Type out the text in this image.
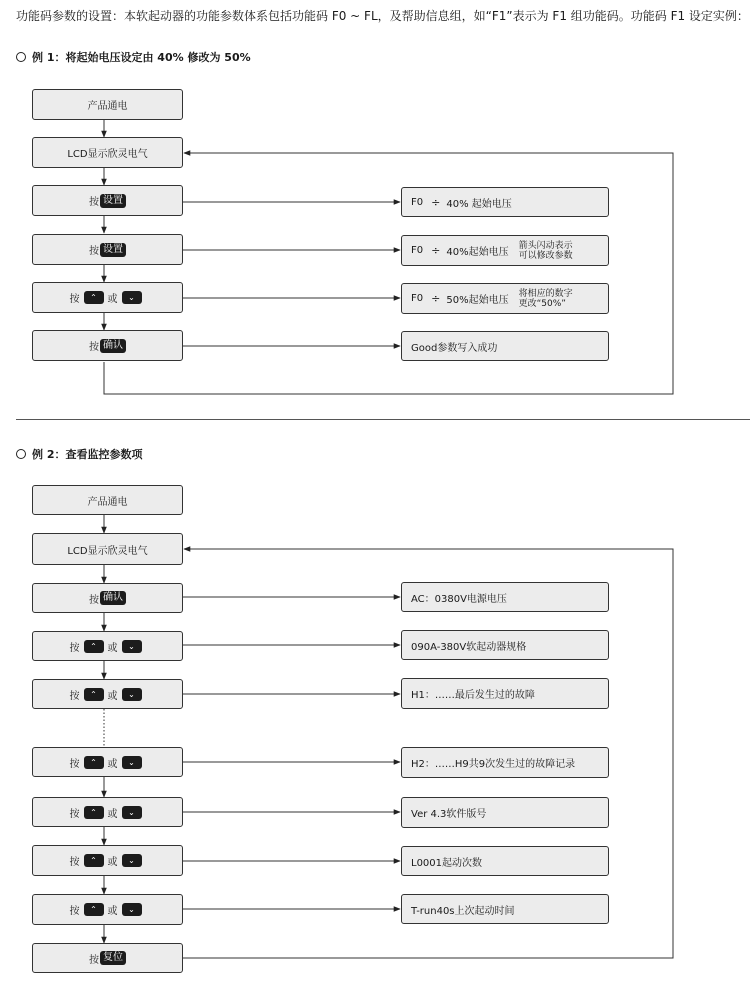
功能码参数的设置：本软起动器的功能参数体系包括功能码 F0 ~ FL，及帮助信息组，如“F1”表示为 F1 组功能码。功能码 F1 设定实例：
例 1：将起始电压设定由 40% 修改为 50%
例 2：查看监控参数项
产品通电
LCD显示欣灵电气
按 设置
按 设置
按	⌃	或	⌄
按 确认
F0 ÷ 40% 起始电压
F0 ÷ 40%起始电压
箭头闪动表示
可以修改参数
F0 ÷ 50%起始电压
将相应的数字
更改“50%”
Good参数写入成功
产品通电
LCD显示欣灵电气
按 确认
按	⌃	或	⌄
按	⌃	或	⌄
按	⌃	或	⌄
按	⌃	或	⌄
按	⌃	或	⌄
按	⌃	或	⌄
按 复位
AC：0380V电源电压
090A-380V软起动器规格
H1：……最后发生过的故障
H2：……H9共9次发生过的故障记录
Ver 4.3软件版号
L0001起动次数
T-run40s上次起动时间
